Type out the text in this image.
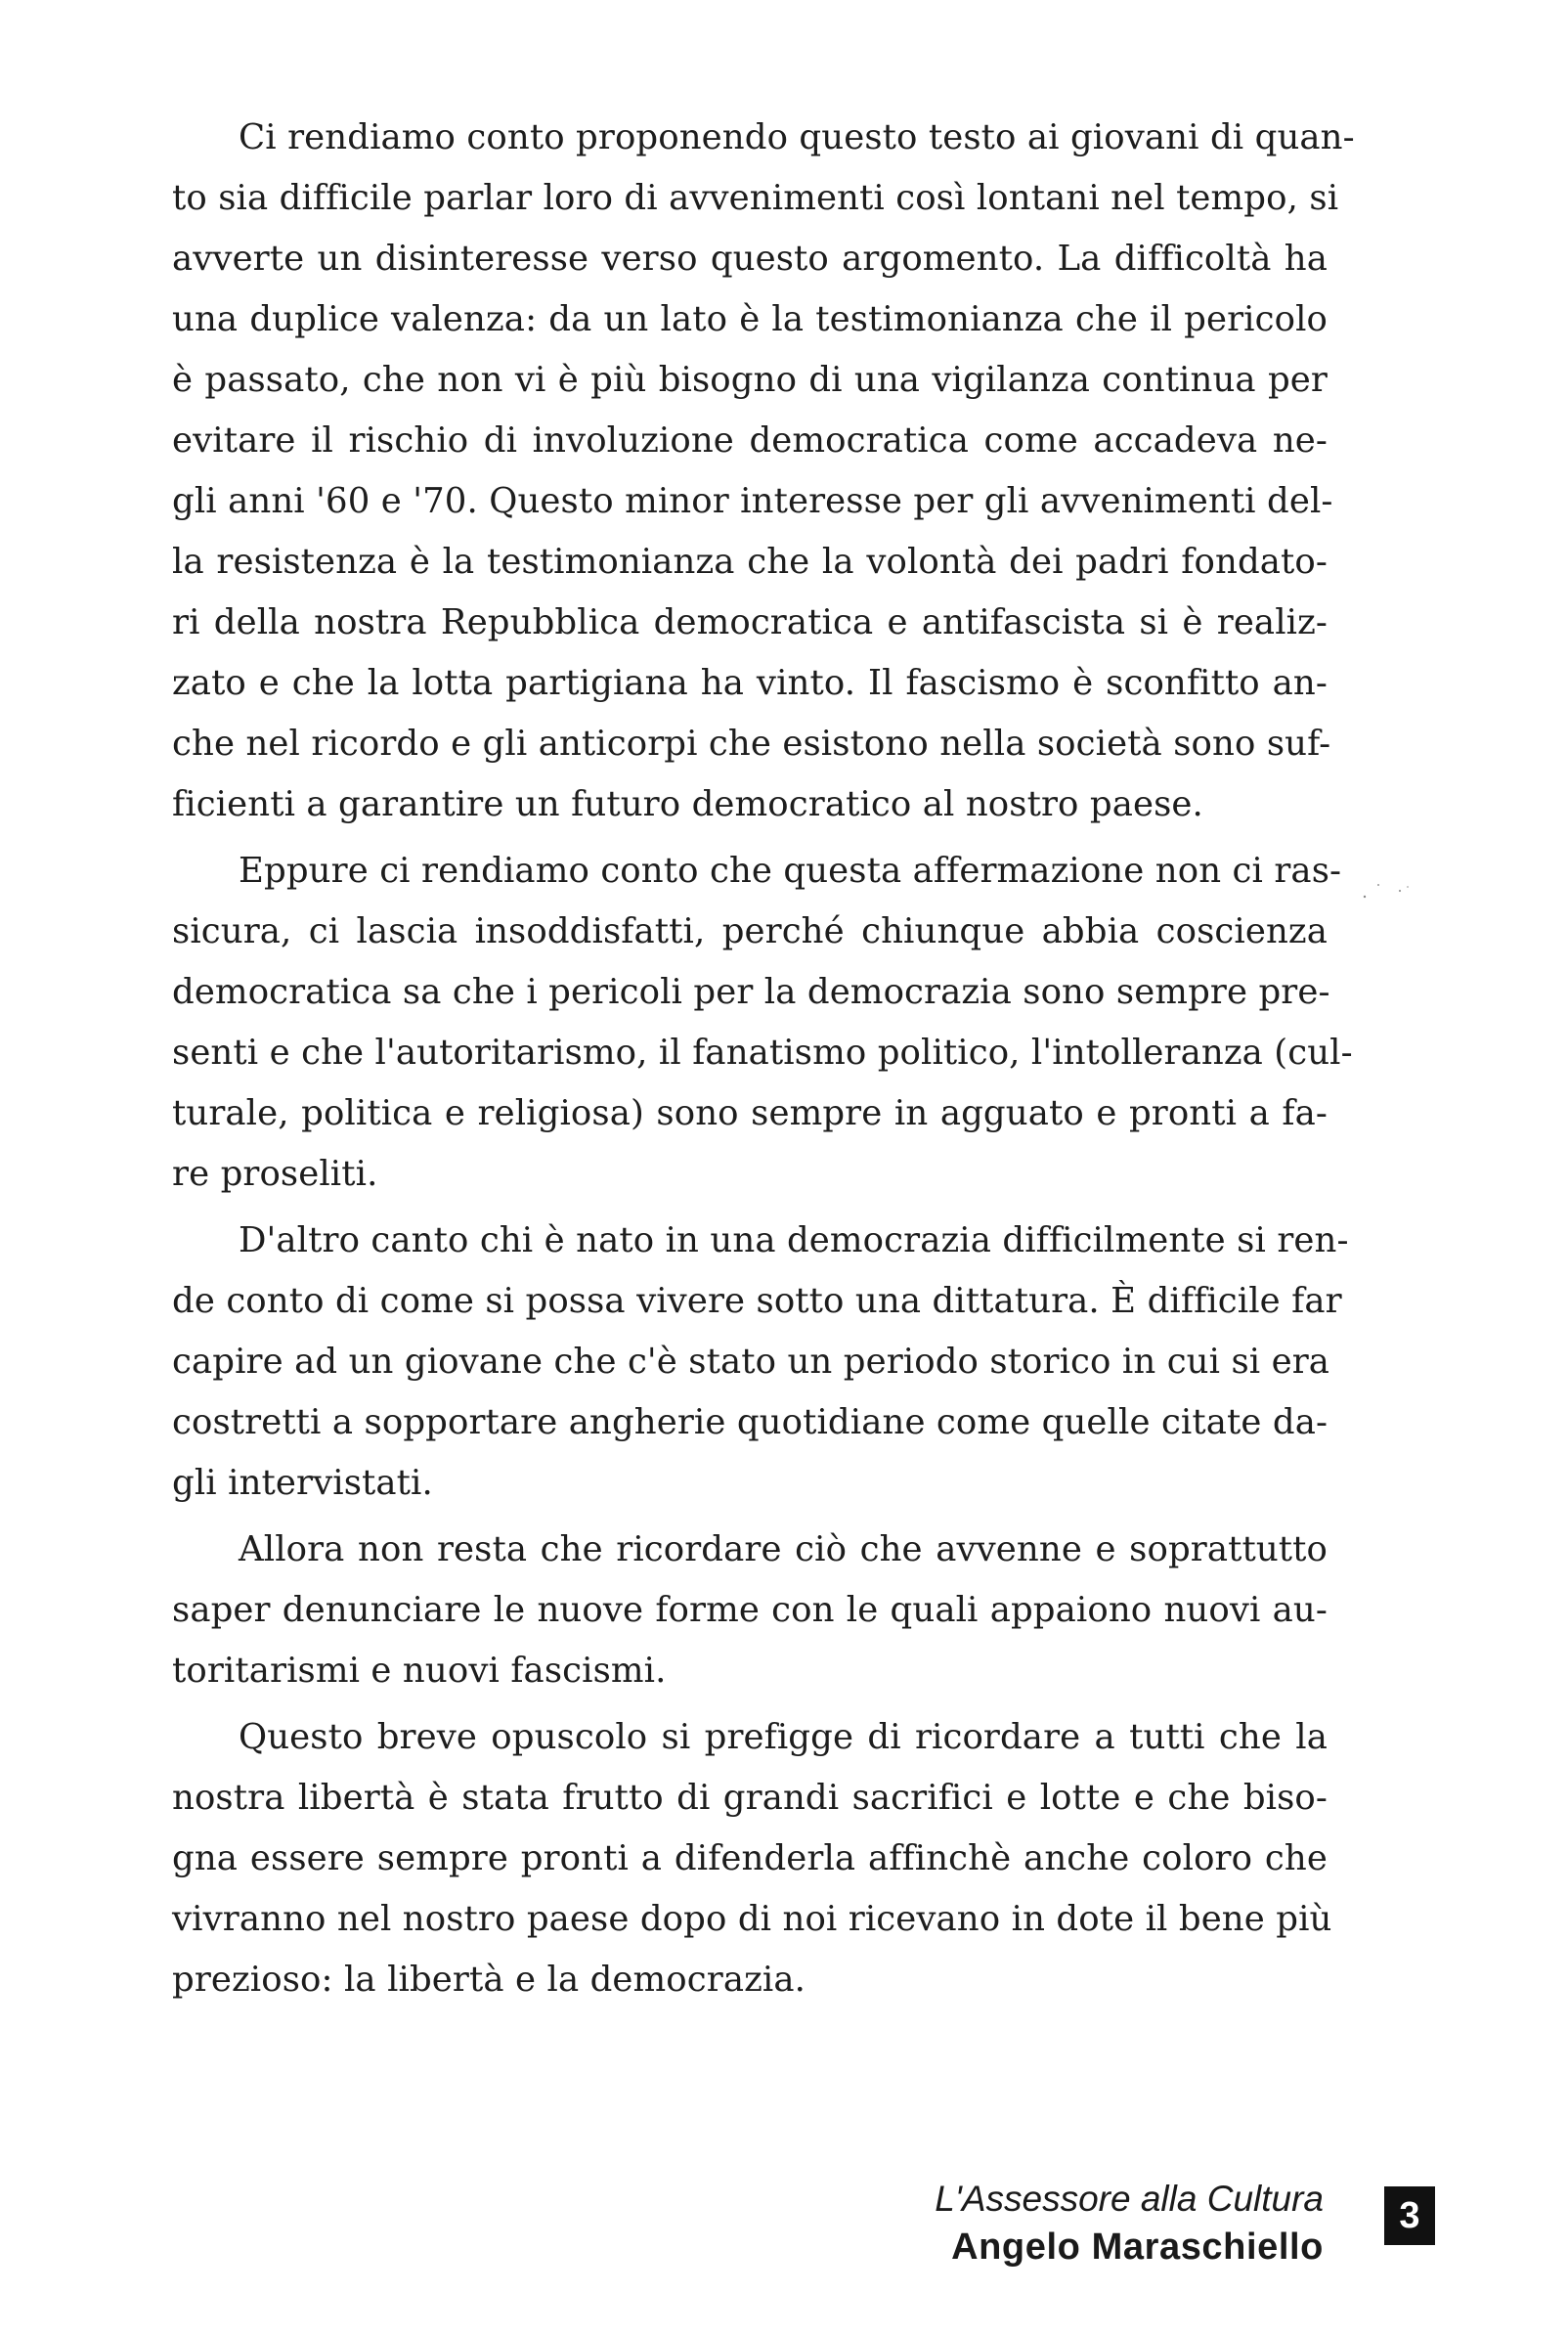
Ci rendiamo conto proponendo questo testo ai giovani di quan-
to sia difficile parlar loro di avvenimenti così lontani nel tempo, si
avverte un disinteresse verso questo argomento. La difficoltà ha
una duplice valenza: da un lato è la testimonianza che il pericolo
è passato, che non vi è più bisogno di una vigilanza continua per
evitare il rischio di involuzione democratica come accadeva ne-
gli anni '60 e '70. Questo minor interesse per gli avvenimenti del-
la resistenza è la testimonianza che la volontà dei padri fondato-
ri della nostra Repubblica democratica e antifascista si è realiz-
zato e che la lotta partigiana ha vinto. Il fascismo è sconfitto an-
che nel ricordo e gli anticorpi che esistono nella società sono suf-
ficienti a garantire un futuro democratico al nostro paese.
Eppure ci rendiamo conto che questa affermazione non ci ras-
sicura, ci lascia insoddisfatti, perché chiunque abbia coscienza
democratica sa che i pericoli per la democrazia sono sempre pre-
senti e che l'autoritarismo, il fanatismo politico, l'intolleranza (cul-
turale, politica e religiosa) sono sempre in agguato e pronti a fa-
re proseliti.
D'altro canto chi è nato in una democrazia difficilmente si ren-
de conto di come si possa vivere sotto una dittatura. È difficile far
capire ad un giovane che c'è stato un periodo storico in cui si era
costretti a sopportare angherie quotidiane come quelle citate da-
gli intervistati.
Allora non resta che ricordare ciò che avvenne e soprattutto
saper denunciare le nuove forme con le quali appaiono nuovi au-
toritarismi e nuovi fascismi.
Questo breve opuscolo si prefigge di ricordare a tutti che la
nostra libertà è stata frutto di grandi sacrifici e lotte e che biso-
gna essere sempre pronti a difenderla affinchè anche coloro che
vivranno nel nostro paese dopo di noi ricevano in dote il bene più
prezioso: la libertà e la democrazia.
L'Assessore alla Cultura
Angelo Maraschiello
3
